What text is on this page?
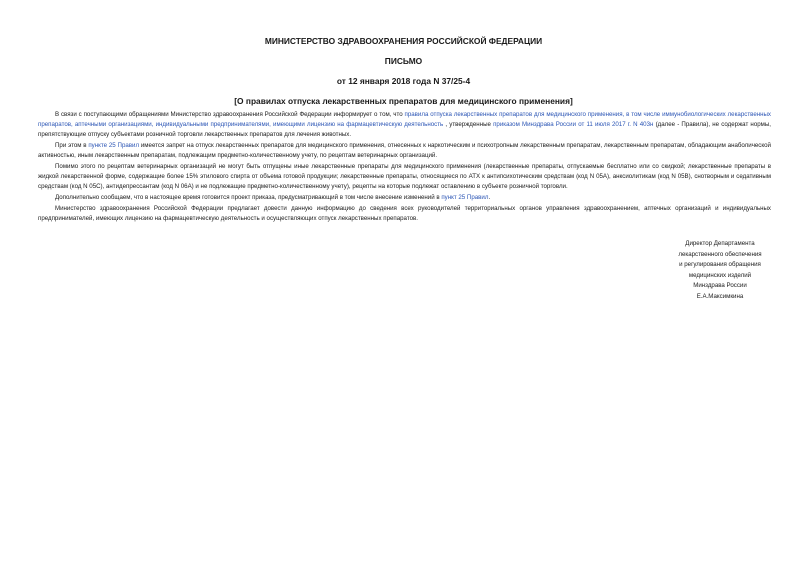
МИНИСТЕРСТВО ЗДРАВООХРАНЕНИЯ РОССИЙСКОЙ ФЕДЕРАЦИИ
ПИСЬМО
от 12 января 2018 года N 37/25-4
[О правилах отпуска лекарственных препаратов для медицинского применения]

В связи с поступающими обращениями Министерство здравоохранения Российской Федерации информирует о том, что правила отпуска лекарственных препаратов для медицинского применения, в том числе иммунобиологических лекарственных препаратов, аптечными организациями, индивидуальными предпринимателями, имеющими лицензию на фармацевтическую деятельность , утвержденные приказом Минздрава России от 11 июля 2017 г. N 403н (далее - Правила), не содержат нормы, препятствующие отпуску субъектами розничной торговли лекарственных препаратов для лечения животных.

При этом в пункте 25 Правил имеется запрет на отпуск лекарственных препаратов для медицинского применения, отнесенных к наркотическим и психотропным лекарственным препаратам, лекарственным препаратам, обладающим анаболической активностью, иным лекарственным препаратам, подлежащим предметно-количественному учету, по рецептам ветеринарных организаций.

Помимо этого по рецептам ветеринарных организаций не могут быть отпущены иные лекарственные препараты для медицинского применения (лекарственные препараты, отпускаемые бесплатно или со скидкой; лекарственные препараты в жидкой лекарственной форме, содержащие более 15% этилового спирта от объема готовой продукции; лекарственные препараты, относящиеся по АТХ к антипсихотическим средствам (код N 05A), анксиолитикам (код N 05B), снотворным и седативным средствам (код N 05C), антидепрессантам (код N 06A) и не подлежащие предметно-количественному учету), рецепты на которые подлежат оставлению в субъекте розничной торговли.

Дополнительно сообщаем, что в настоящее время готовится проект приказа, предусматривающий в том числе внесение изменений в пункт 25 Правил.

Министерство здравоохранения Российской Федерации предлагает довести данную информацию до сведения всех руководителей территориальных органов управления здравоохранением, аптечных организаций и индивидуальных предпринимателей, имеющих лицензию на фармацевтическую деятельность и осуществляющих отпуск лекарственных препаратов.

Директор Департамента
лекарственного обеспечения
и регулирования обращения
медицинских изделий
Минздрава России
Е.А.Максимкина
